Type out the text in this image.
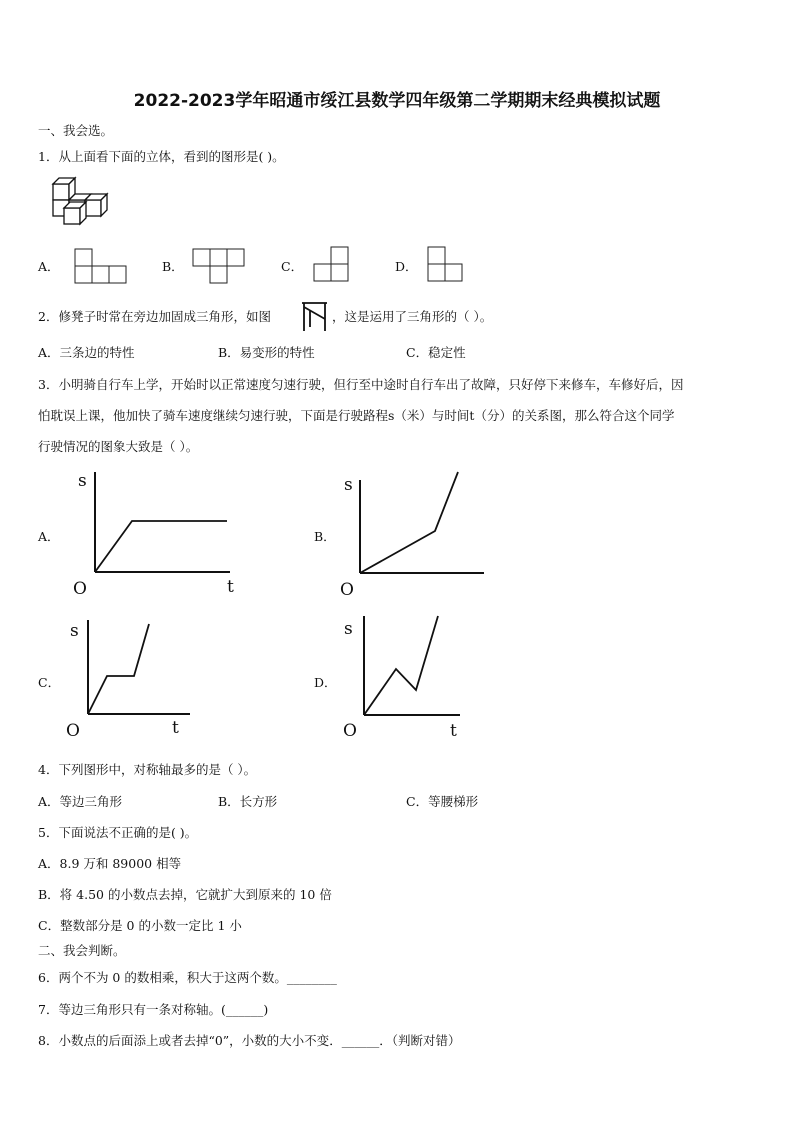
2022-2023学年昭通市绥江县数学四年级第二学期期末经典模拟试题
一、我会选。
1．从上面看下面的立体，看到的图形是( )。
A．	B．	C．	D．
2．修凳子时常在旁边加固成三角形，如图	，这是运用了三角形的（ ）。
A．三条边的特性	B．易变形的特性	C．稳定性
3．小明骑自行车上学，开始时以正常速度匀速行驶，但行至中途时自行车出了故障，只好停下来修车，车修好后，因
怕耽误上课，他加快了骑车速度继续匀速行驶，下面是行驶路程s（米）与时间t（分）的关系图，那么符合这个同学
行驶情况的图象大致是（ ）。
A．
s
t
O
B．
s
O
C．
s
t
O
D．
s
t
O
4．下列图形中，对称轴最多的是（ ）。
A．等边三角形	B．长方形	C．等腰梯形
5．下面说法不正确的是( )。
A．8.9 万和 89000 相等
B．将 4.50 的小数点去掉，它就扩大到原来的 10 倍
C．整数部分是 0 的小数一定比 1 小
二、我会判断。
6．两个不为 0 的数相乘，积大于这两个数。________
7．等边三角形只有一条对称轴。(______)
8．小数点的后面添上或者去掉“0”，小数的大小不变．______．（判断对错）
